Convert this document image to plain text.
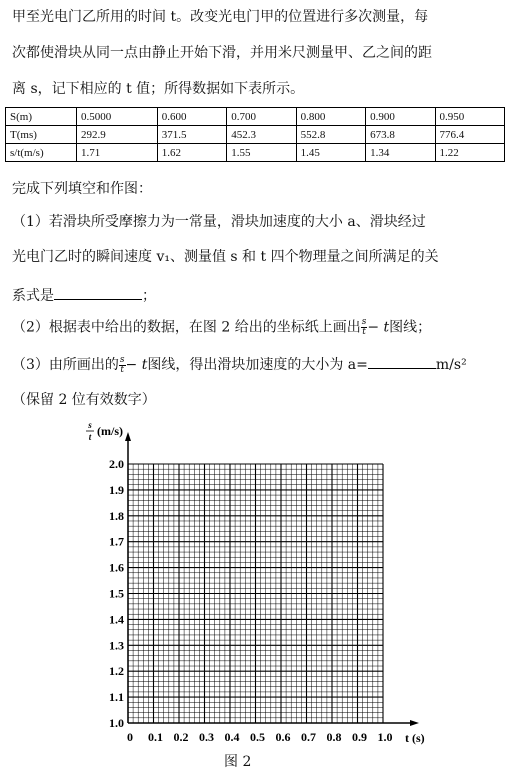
甲至光电门乙所用的时间 t。改变光电门甲的位置进行多次测量，每
次都使滑块从同一点由静止开始下滑，并用米尺测量甲、乙之间的距
离 s，记下相应的 t 值；所得数据如下表所示。
S(m)	0.5000	0.600	0.700	0.800	0.900	0.950
T(ms)	292.9	371.5	452.3	552.8	673.8	776.4
s/t(m/s)	1.71	1.62	1.55	1.45	1.34	1.22
完成下列填空和作图：
（1）若滑块所受摩擦力为一常量，滑块加速度的大小 a、滑块经过
光电门乙时的瞬间速度 v₁、测量值 s 和 t 四个物理量之间所满足的关
系式是	；
（2）根据表中给出的数据，在图 2 给出的坐标纸上画出 $\frac{s}{t} - t$图线；
（3）由所画出的 $\frac{s}{t} - t$图线，得出滑块加速度的大小为 a=	m/s²
（保留 2 位有效数字）
0 0.1 0.2 0.3 0.4 0.5 0.6 0.7 0.8 0.9 1.0
1.0
1.1
1.2
1.3
1.4
1.5
1.6
1.7
1.8
1.9
2.0
s
t (m/s)
t (s)
图 2
